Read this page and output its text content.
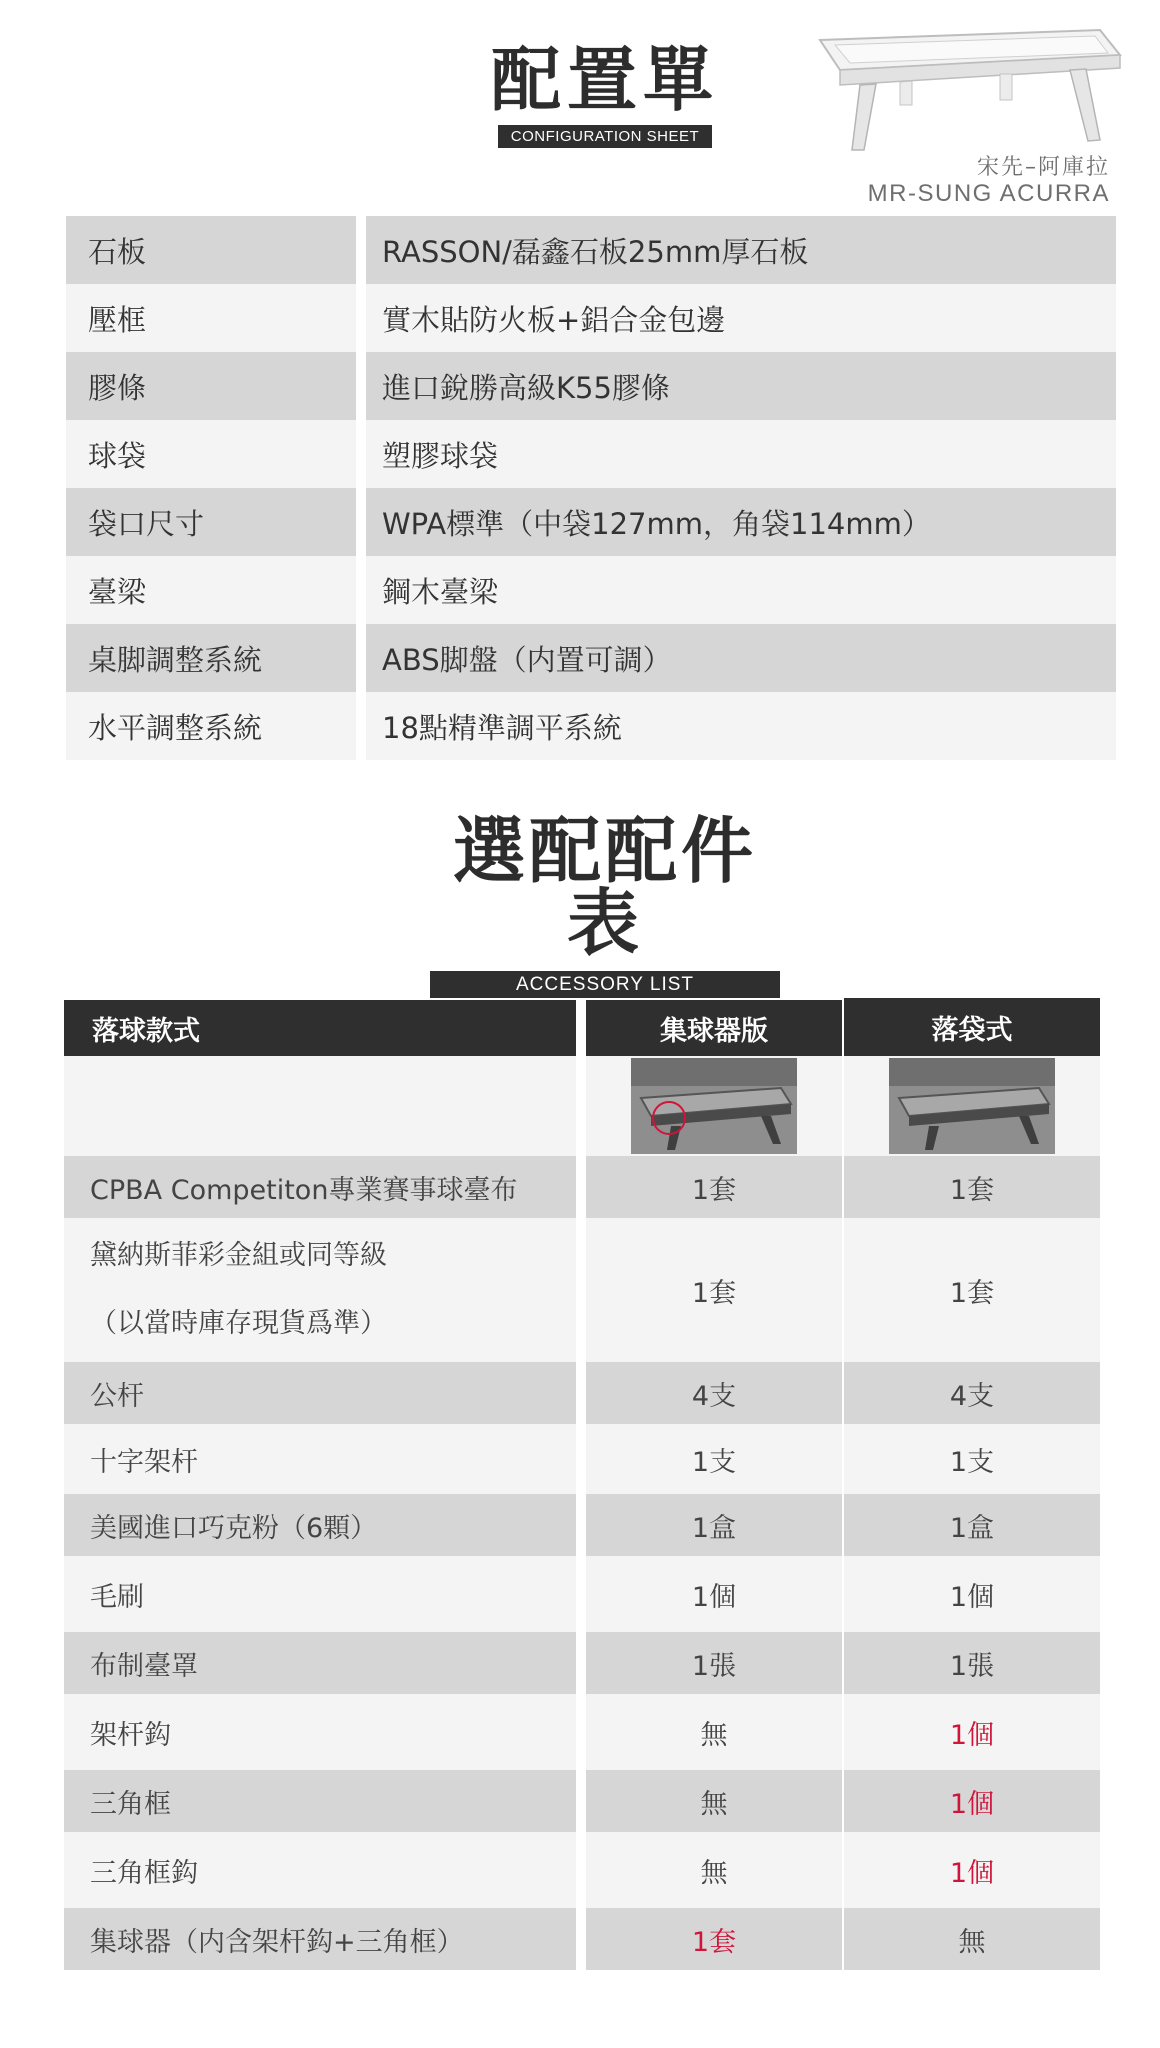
配置單
CONFIGURATION SHEET
宋先–阿庫拉
MR-SUNG ACURRA
石板	RASSON/磊鑫石板25mm厚石板
壓框	實木貼防火板+鋁合金包邊
膠條	進口銳勝高級K55膠條
球袋	塑膠球袋
袋口尺寸	WPA標準（中袋127mm，角袋114mm）
臺梁	鋼木臺梁
桌脚調整系統	ABS脚盤（内置可調）
水平調整系統	18點精準調平系統
選配配件表
ACCESSORY LIST
落球款式	集球器版	落袋式
CPBA Competiton專業賽事球臺布	1套	1套
黛納斯菲彩金組或同等級
（以當時庫存現貨爲準）
1套	1套
公杆	4支	4支
十字架杆	1支	1支
美國進口巧克粉（6顆）	1盒	1盒
毛刷	1個	1個
布制臺罩	1張	1張
架杆鈎	無	1個
三角框	無	1個
三角框鈎	無	1個
集球器（内含架杆鈎+三角框）	1套	無
